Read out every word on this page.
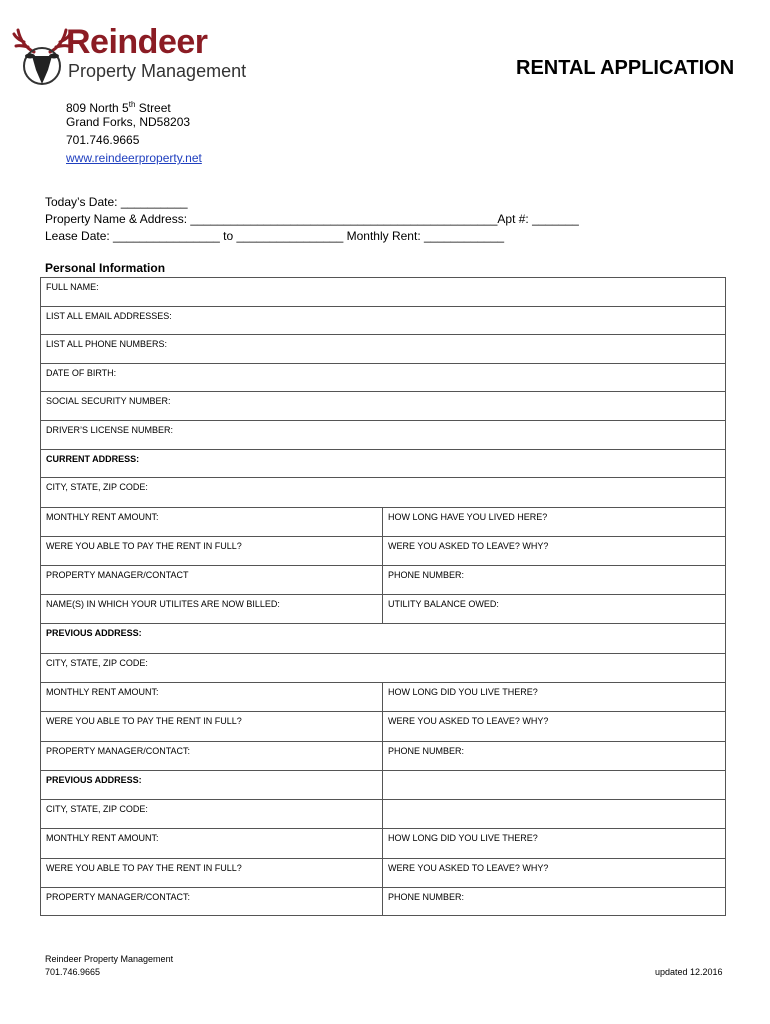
Reindeer
Property Management	RENTAL APPLICATION
809 North 5th Street
Grand Forks, ND58203
701.746.9665
www.reindeerproperty.net
Today’s Date: __________
Property Name & Address: ______________________________________________Apt #: _______
Lease Date: ________________ to ________________ Monthly Rent: ____________
Personal Information
FULL NAME:	
LIST ALL EMAIL ADDRESSES:	
LIST ALL PHONE NUMBERS:	
DATE OF BIRTH:	
SOCIAL SECURITY NUMBER:	
DRIVER’S LICENSE NUMBER:	
CURRENT ADDRESS:	
CITY, STATE, ZIP CODE:	
MONTHLY RENT AMOUNT:	HOW LONG HAVE YOU LIVED HERE?
WERE YOU ABLE TO PAY THE RENT IN FULL?	WERE YOU ASKED TO LEAVE? WHY?
PROPERTY MANAGER/CONTACT	PHONE NUMBER:
NAME(S) IN WHICH YOUR UTILITES ARE NOW BILLED:	UTILITY BALANCE OWED:
PREVIOUS ADDRESS:	
CITY, STATE, ZIP CODE:	
MONTHLY RENT AMOUNT:	HOW LONG DID YOU LIVE THERE?
WERE YOU ABLE TO PAY THE RENT IN FULL?	WERE YOU ASKED TO LEAVE? WHY?
PROPERTY MANAGER/CONTACT:	PHONE NUMBER:
PREVIOUS ADDRESS:	
CITY, STATE, ZIP CODE:	
MONTHLY RENT AMOUNT:	HOW LONG DID YOU LIVE THERE?
WERE YOU ABLE TO PAY THE RENT IN FULL?	WERE YOU ASKED TO LEAVE? WHY?
PROPERTY MANAGER/CONTACT:	PHONE NUMBER:
Reindeer Property Management
701.746.9665	updated 12.2016
